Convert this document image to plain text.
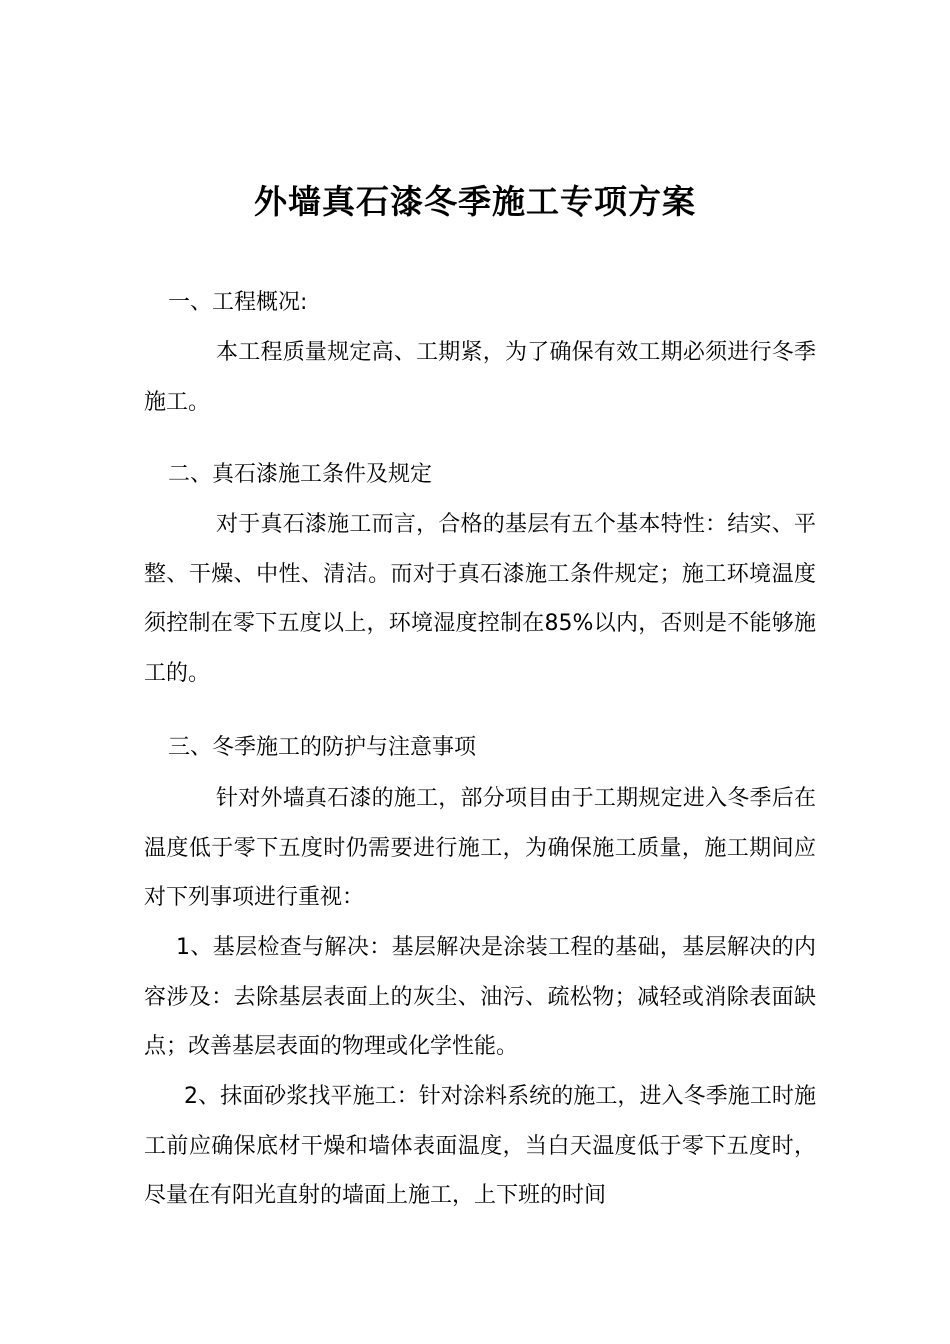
外墙真石漆冬季施工专项方案
一、工程概况:

本工程质量规定高、工期紧，为了确保有效工期必须进行冬季施工。

二、真石漆施工条件及规定

对于真石漆施工而言，合格的基层有五个基本特性：结实、平整、干燥、中性、清洁。而对于真石漆施工条件规定；施工环境温度须控制在零下五度以上，环境湿度控制在85%以内，否则是不能够施工的。

三、冬季施工的防护与注意事项

针对外墙真石漆的施工，部分项目由于工期规定进入冬季后在温度低于零下五度时仍需要进行施工，为确保施工质量，施工期间应对下列事项进行重视：

1、基层检查与解决：基层解决是涂装工程的基础，基层解决的内容涉及：去除基层表面上的灰尘、油污、疏松物；减轻或消除表面缺点；改善基层表面的物理或化学性能。

2、抹面砂浆找平施工：针对涂料系统的施工，进入冬季施工时施工前应确保底材干燥和墙体表面温度，当白天温度低于零下五度时，尽量在有阳光直射的墙面上施工，上下班的时间
